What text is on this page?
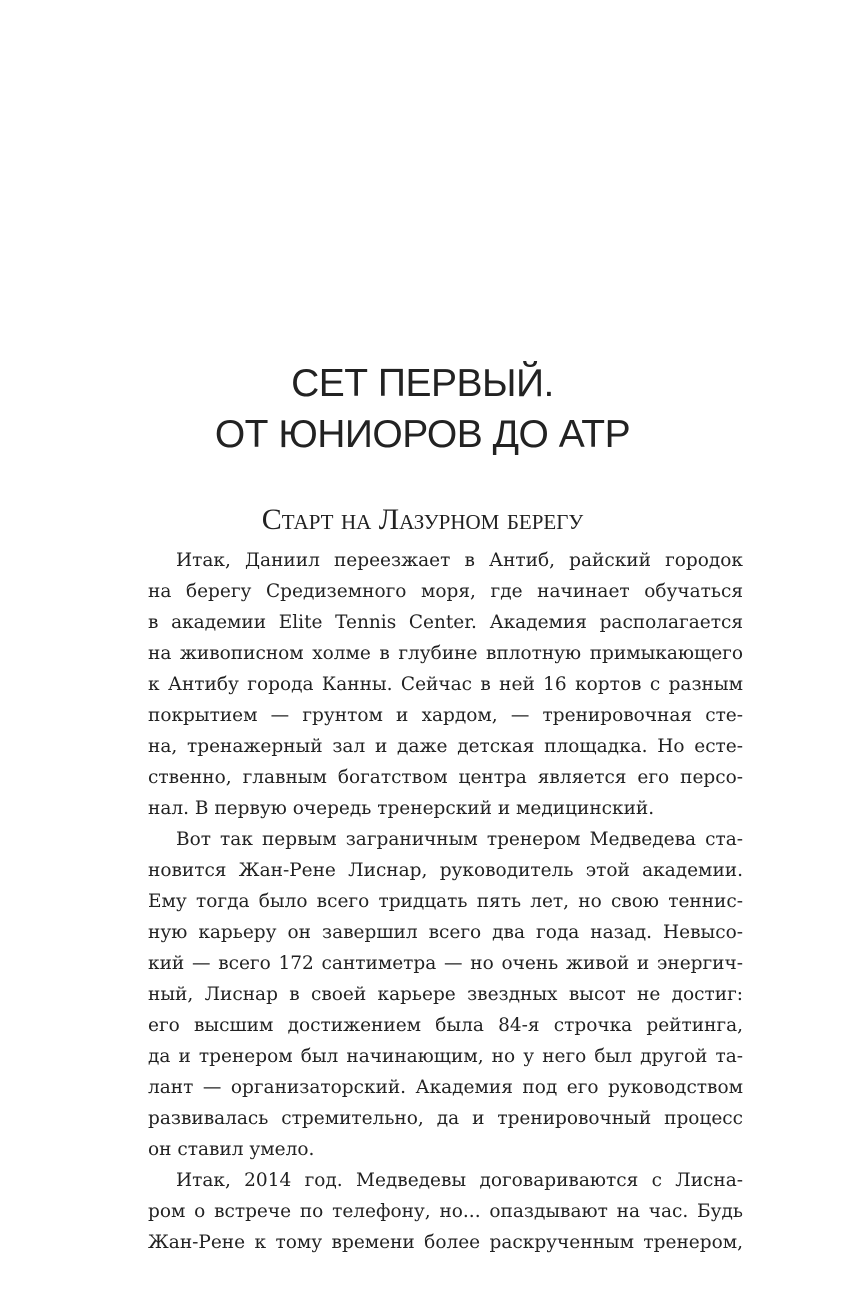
СЕТ ПЕРВЫЙ.
ОТ ЮНИОРОВ ДО ATP
Старт на Лазурном берегу
Итак, Даниил переезжает в Антиб, райский городок
на берегу Средиземного моря, где начинает обучаться
в академии Elite Tennis Center. Академия располагается
на живописном холме в глубине вплотную примыкающего
к Антибу города Канны. Сейчас в ней 16 кортов с разным
покрытием — грунтом и хардом, — тренировочная сте-
на, тренажерный зал и даже детская площадка. Но есте-
ственно, главным богатством центра является его персо-
нал. В первую очередь тренерский и медицинский.
Вот так первым заграничным тренером Медведева ста-
новится Жан-Рене Лиснар, руководитель этой академии.
Ему тогда было всего тридцать пять лет, но свою теннис-
ную карьеру он завершил всего два года назад. Невысо-
кий — всего 172 сантиметра — но очень живой и энергич-
ный, Лиснар в своей карьере звездных высот не достиг:
его высшим достижением была 84-я строчка рейтинга,
да и тренером был начинающим, но у него был другой та-
лант — организаторский. Академия под его руководством
развивалась стремительно, да и тренировочный процесс
он ставил умело.
Итак, 2014 год. Медведевы договариваются с Лисна-
ром о встрече по телефону, но... опаздывают на час. Будь
Жан-Рене к тому времени более раскрученным тренером,
